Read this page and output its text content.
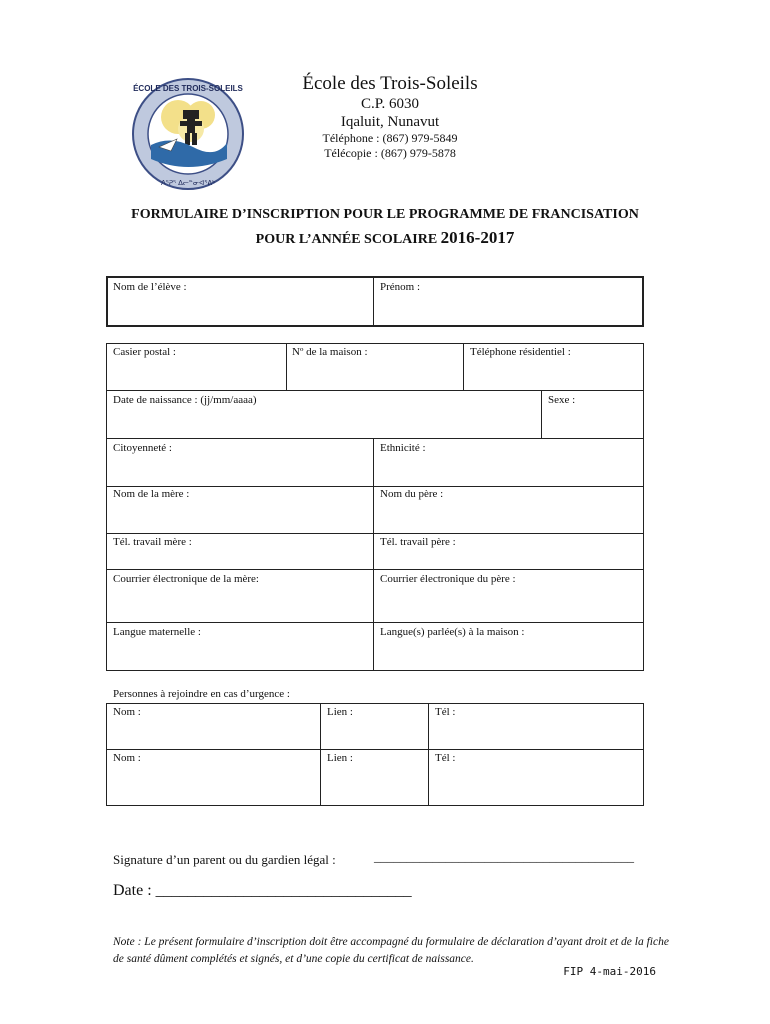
ÉCOLE DES TROIS-SOLEILS
ᐱᕐᕈᕐ ᐃᓕᓐᓂᐊᕐᕕᒃ
École des Trois-Soleils
C.P. 6030
Iqaluit, Nunavut
Téléphone : (867) 979-5849
Télécopie : (867) 979-5878
FORMULAIRE D’INSCRIPTION POUR LE PROGRAMME DE FRANCISATION
POUR L’ANNÉE SCOLAIRE 2016-2017
Nom de l’élève :	Prénom :
Casier postal :	Nº de la maison :	Téléphone résidentiel :
Date de naissance : (jj/mm/aaaa)	Sexe :
Citoyenneté :	Ethnicité :
Nom de la mère :	Nom du père :
Tél. travail mère :	Tél. travail père :
Courrier électronique de la mère:	Courrier électronique du père :
Langue maternelle :	Langue(s) parlée(s) à la maison :
Personnes à rejoindre en cas d’urgence :
Nom :	Lien :	Tél :
Nom :	Lien :	Tél :
Signature d’un parent ou du gardien légal :	________________________________________
Date : ________________________________
Note : Le présent formulaire d’inscription doit être accompagné du formulaire de déclaration d’ayant droit et de la fiche de santé dûment complétés et signés, et d’une copie du certificat de naissance.
FIP 4-mai-2016
